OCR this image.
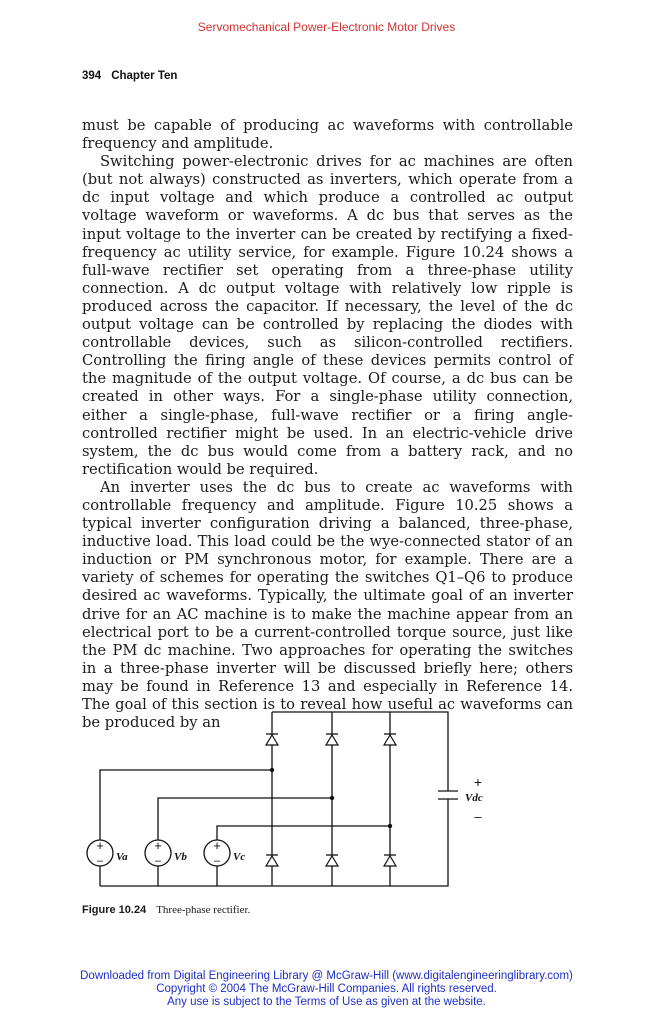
Servomechanical Power-Electronic Motor Drives
394 Chapter Ten

must be capable of producing ac waveforms with controllable frequency and amplitude.

Switching power-electronic drives for ac machines are often (but not always) constructed as inverters, which operate from a dc input voltage and which produce a controlled ac output voltage waveform or waveforms. A dc bus that serves as the input voltage to the inverter can be created by rectifying a fixed-frequency ac utility service, for example. Figure 10.24 shows a full-wave rectifier set operating from a three-phase utility connection. A dc output voltage with relatively low ripple is produced across the capacitor. If necessary, the level of the dc output voltage can be controlled by replacing the diodes with controllable devices, such as silicon-controlled rectifiers. Controlling the firing angle of these devices permits control of the magnitude of the output voltage. Of course, a dc bus can be created in other ways. For a single-phase utility connection, either a single-phase, full-wave rectifier or a firing angle-controlled rectifier might be used. In an electric-vehicle drive system, the dc bus would come from a battery rack, and no rectification would be required.

An inverter uses the dc bus to create ac waveforms with controllable frequency and amplitude. Figure 10.25 shows a typical inverter configuration driving a balanced, three-phase, inductive load. This load could be the wye-connected stator of an induction or PM synchronous motor, for example. There are a variety of schemes for operating the switches Q1–Q6 to produce desired ac waveforms. Typically, the ultimate goal of an inverter drive for an AC machine is to make the machine appear from an electrical port to be a current-controlled torque source, just like the PM dc machine. Two approaches for operating the switches in a three-phase inverter will be discussed briefly here; others may be found in Reference 13 and especially in Reference 14. The goal of this section is to reveal how useful ac waveforms can be produced by an

+
–
+
–
+
–
+
–
Va	Vb	Vc
Vdc
Figure 10.24 Three-phase rectifier.
Downloaded from Digital Engineering Library @ McGraw-Hill (www.digitalengineeringlibrary.com)
Copyright © 2004 The McGraw-Hill Companies. All rights reserved.
Any use is subject to the Terms of Use as given at the website.
